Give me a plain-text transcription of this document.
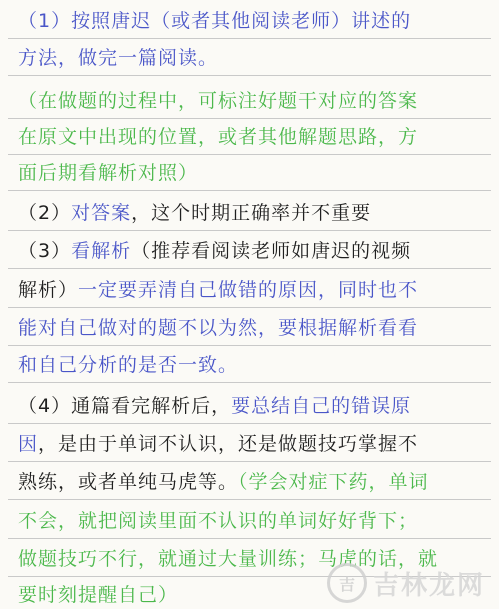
（1）按照唐迟（或者其他阅读老师）讲述的
方法，做完一篇阅读。
（在做题的过程中，可标注好题干对应的答案
在原文中出现的位置，或者其他解题思路，方
面后期看解析对照）
（2）对答案，这个时期正确率并不重要
（3）看解析（推荐看阅读老师如唐迟的视频
解析）一定要弄清自己做错的原因，同时也不
能对自己做对的题不以为然，要根据解析看看
和自己分析的是否一致。
（4）通篇看完解析后，要总结自己的错误原
因，是由于单词不认识，还是做题技巧掌握不
熟练，或者单纯马虎等。（学会对症下药，单词
不会，就把阅读里面不认识的单词好好背下；
做题技巧不行，就通过大量训练；马虎的话，就
要时刻提醒自己）	吉 吉林龙网
